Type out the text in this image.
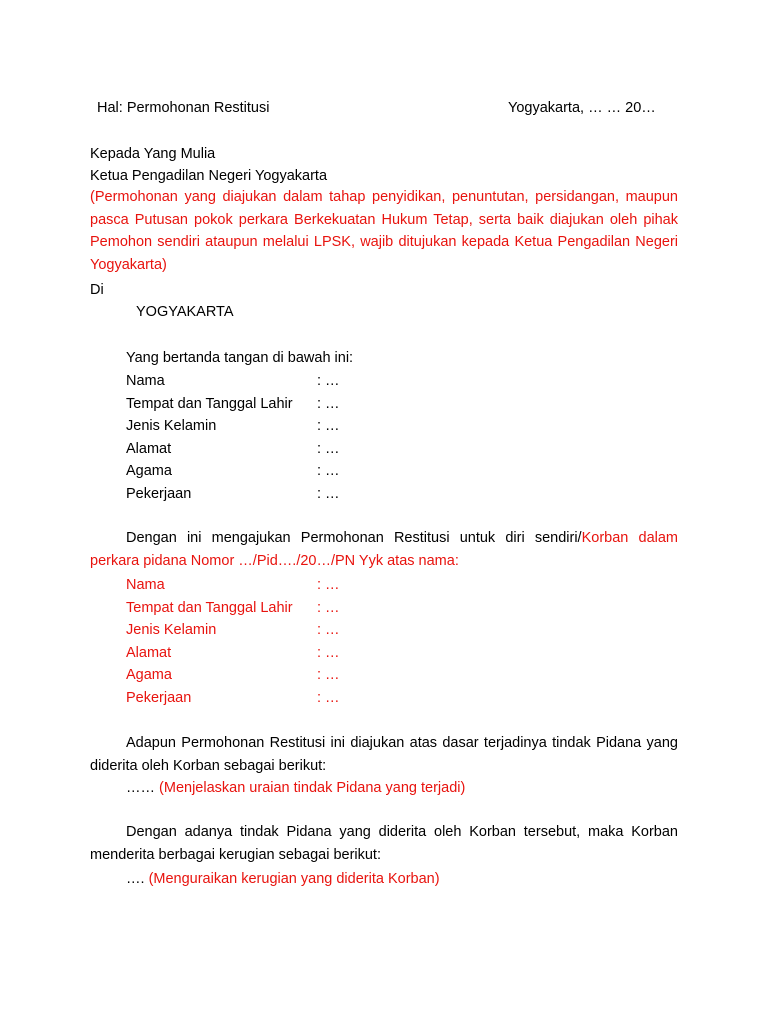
Hal: Permohonan Restitusi	Yogyakarta, … … 20…
Kepada Yang Mulia
Ketua Pengadilan Negeri Yogyakarta
(Permohonan yang diajukan dalam tahap penyidikan, penuntutan, persidangan, maupun pasca Putusan pokok perkara Berkekuatan Hukum Tetap, serta baik diajukan oleh pihak Pemohon sendiri ataupun melalui LPSK, wajib ditujukan kepada Ketua Pengadilan Negeri Yogyakarta)
Di
YOGYAKARTA
Yang bertanda tangan di bawah ini:
Nama	: …
Tempat dan Tanggal Lahir : …
Jenis Kelamin	: …
Alamat	: …
Agama	: …
Pekerjaan	: …
Dengan ini mengajukan Permohonan Restitusi untuk diri sendiri/Korban dalam perkara pidana Nomor …/Pid…./20…/PN Yyk atas nama:
Nama	: …
Tempat dan Tanggal Lahir : …
Jenis Kelamin	: …
Alamat	: …
Agama	: …
Pekerjaan	: …
Adapun Permohonan Restitusi ini diajukan atas dasar terjadinya tindak Pidana yang diderita oleh Korban sebagai berikut:
…… (Menjelaskan uraian tindak Pidana yang terjadi)
Dengan adanya tindak Pidana yang diderita oleh Korban tersebut, maka Korban menderita berbagai kerugian sebagai berikut:
…. (Menguraikan kerugian yang diderita Korban)
